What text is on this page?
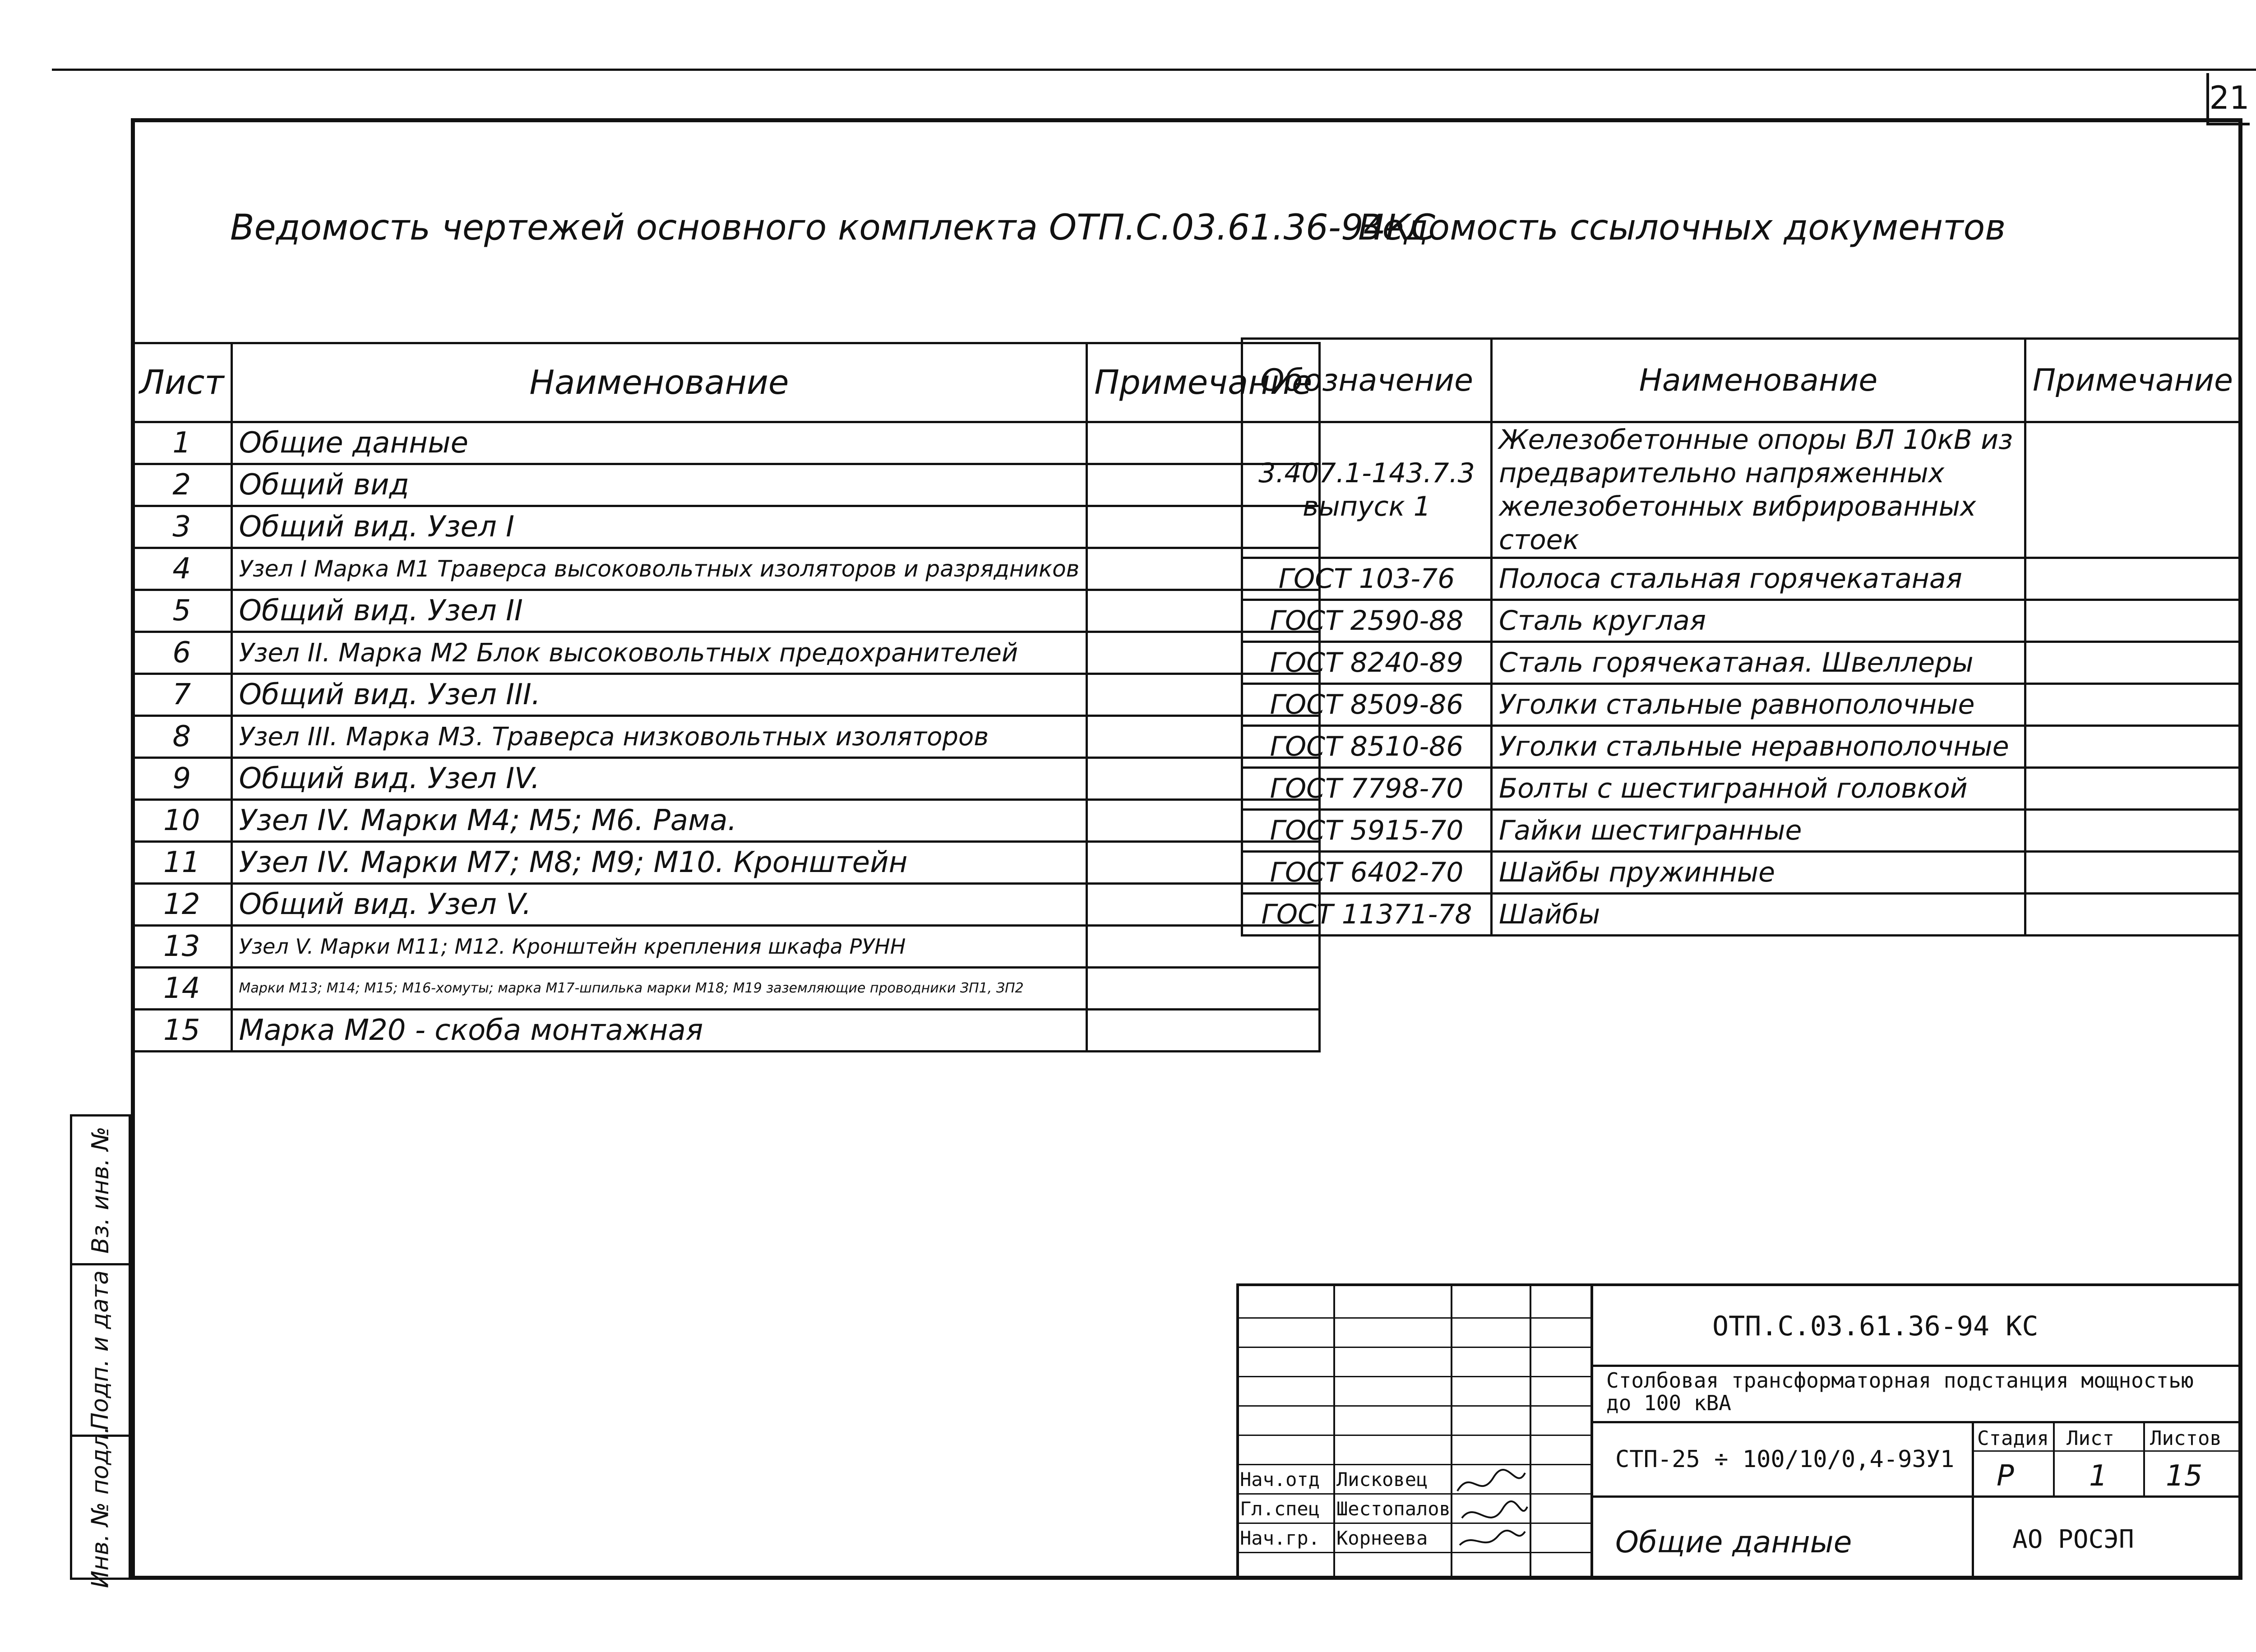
21
Ведомость чертежей основного комплекта ОТП.С.03.61.36-94КС
Ведомость ссылочных документов
Лист	Наименование	Примечание
1	Общие данные	
2	Общий вид	
3	Общий вид. Узел I	
4	Узел I Марка М1 Траверса высоковольтных изоляторов и разрядников	
5	Общий вид. Узел II	
6	Узел II. Марка М2 Блок высоковольтных предохранителей	
7	Общий вид. Узел III.	
8	Узел III. Марка М3. Траверса низковольтных изоляторов	
9	Общий вид. Узел IV.	
10	Узел IV. Марки М4; М5; М6. Рама.	
11	Узел IV. Марки М7; М8; М9; М10. Кронштейн	
12	Общий вид. Узел V.	
13	Узел V. Марки М11; М12. Кронштейн крепления шкафа РУНН	
14	Марки М13; М14; М15; М16-хомуты; марка М17-шпилька марки М18; М19 заземляющие проводники ЗП1, ЗП2	
15	Марка М20 - скоба монтажная	
Обозначение	Наименование	Примечание
3.407.1-143.7.3 выпуск 1	Железобетонные опоры ВЛ 10кВ из предварительно напряженных железобетонных вибрированных стоек	
ГОСТ 103-76	Полоса стальная горячекатаная	
ГОСТ 2590-88	Сталь круглая	
ГОСТ 8240-89	Сталь горячекатаная. Швеллеры	
ГОСТ 8509-86	Уголки стальные равнополочные	
ГОСТ 8510-86	Уголки стальные неравнополочные	
ГОСТ 7798-70	Болты с шестигранной головкой	
ГОСТ 5915-70	Гайки шестигранные	
ГОСТ 6402-70	Шайбы пружинные	
ГОСТ 11371-78	Шайбы	
Вз. инв. №
Подп. и дата
Инв. № подл.
ОТП.С.03.61.36-94 КС
Столбовая трансформаторная подстанция мощностью до 100 кВА
СТП-25 ÷ 100/10/0,4-93У1
Стадия Лист Листов
Р	1 15
Общие данные	АО РОСЭП
Нач.отд Лисковец
Гл.спец Шестопалов
Нач.гр. Корнеева
